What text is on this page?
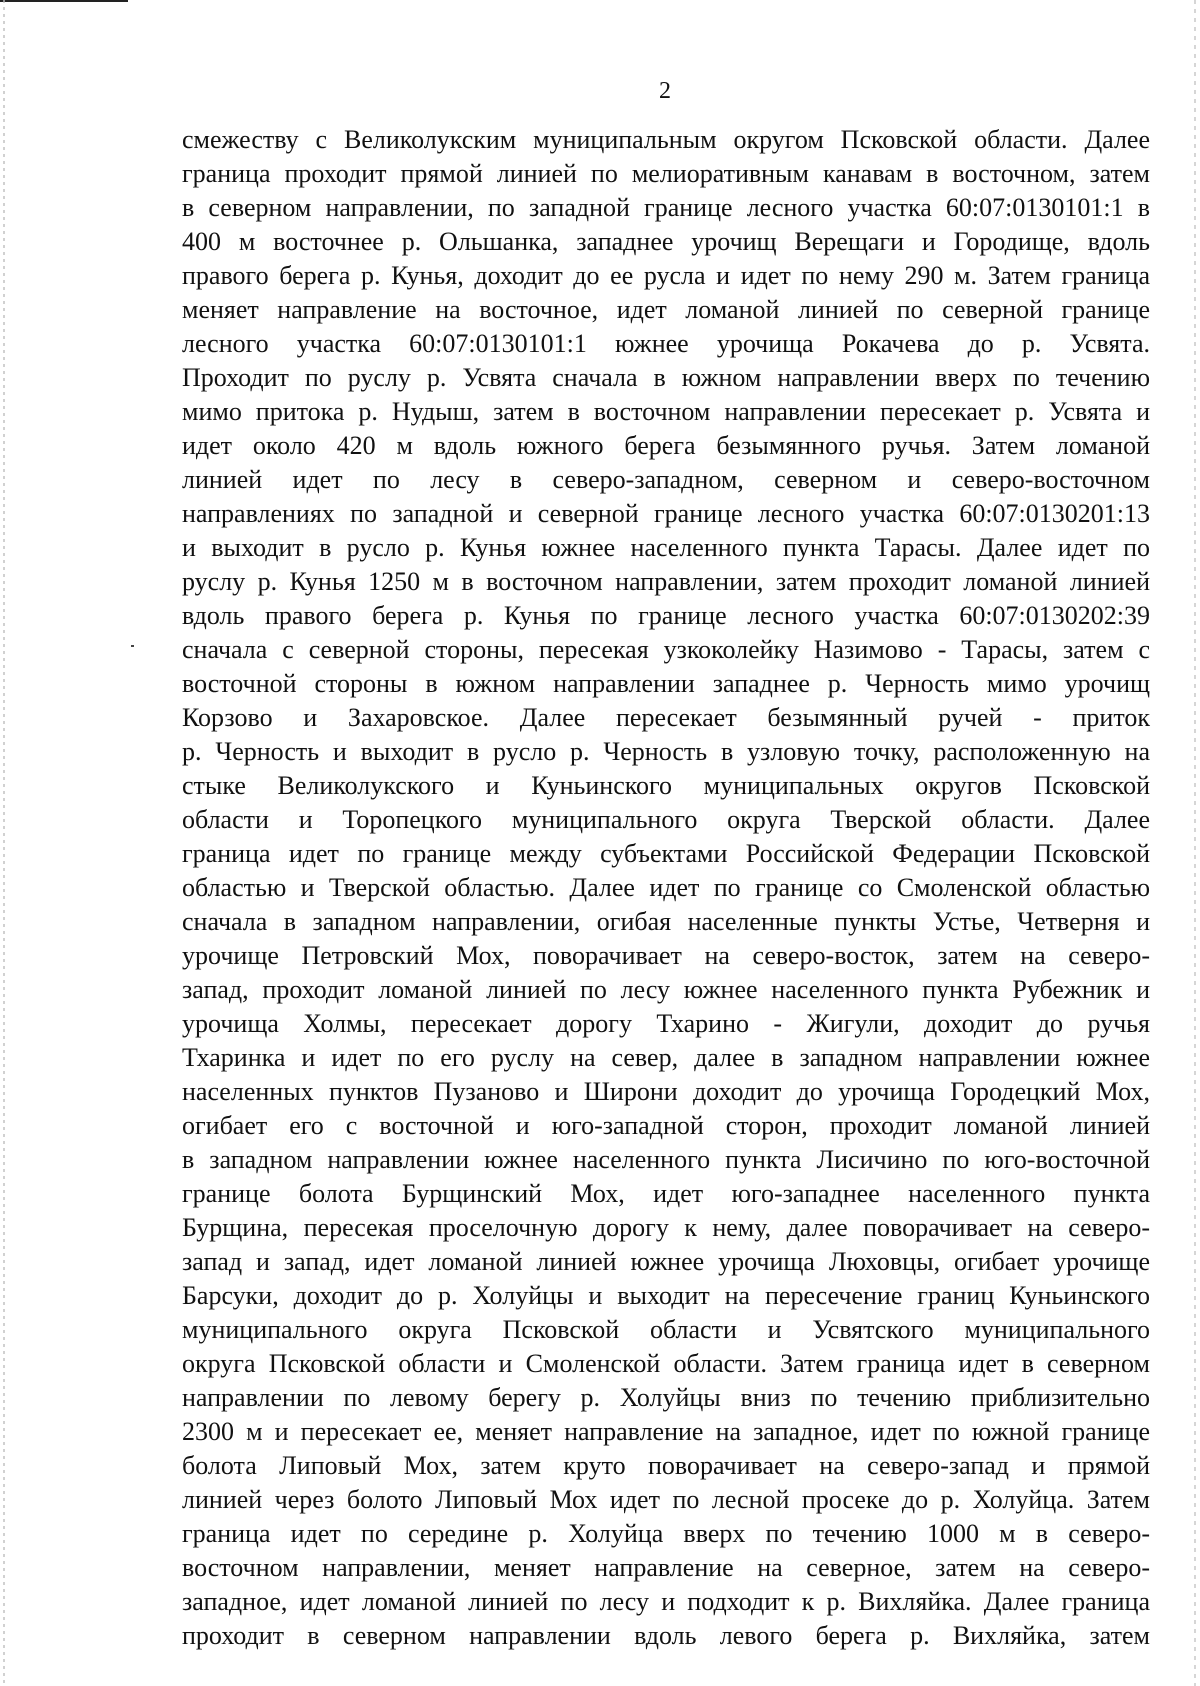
2
смежеству с Великолукским муниципальным округом Псковской области. Далее
граница проходит прямой линией по мелиоративным канавам в восточном, затем
в северном направлении, по западной границе лесного участка 60:07:0130101:1 в
400 м восточнее р. Ольшанка, западнее урочищ Верещаги и Городище, вдоль
правого берега р. Кунья, доходит до ее русла и идет по нему 290 м. Затем граница
меняет направление на восточное, идет ломаной линией по северной границе
лесного участка 60:07:0130101:1 южнее урочища Рокачева до р. Усвята.
Проходит по руслу р. Усвята сначала в южном направлении вверх по течению
мимо притока р. Нудыш, затем в восточном направлении пересекает р. Усвята и
идет около 420 м вдоль южного берега безымянного ручья. Затем ломаной
линией идет по лесу в северо-западном, северном и северо-восточном
направлениях по западной и северной границе лесного участка 60:07:0130201:13
и выходит в русло р. Кунья южнее населенного пункта Тарасы. Далее идет по
руслу р. Кунья 1250 м в восточном направлении, затем проходит ломаной линией
вдоль правого берега р. Кунья по границе лесного участка 60:07:0130202:39
сначала с северной стороны, пересекая узкоколейку Назимово - Тарасы, затем с
восточной стороны в южном направлении западнее р. Черность мимо урочищ
Корзово и Захаровское. Далее пересекает безымянный ручей - приток
р. Черность и выходит в русло р. Черность в узловую точку, расположенную на
стыке Великолукского и Куньинского муниципальных округов Псковской
области и Торопецкого муниципального округа Тверской области. Далее
граница идет по границе между субъектами Российской Федерации Псковской
областью и Тверской областью. Далее идет по границе со Смоленской областью
сначала в западном направлении, огибая населенные пункты Устье, Четверня и
урочище Петровский Мох, поворачивает на северо-восток, затем на северо-
запад, проходит ломаной линией по лесу южнее населенного пункта Рубежник и
урочища Холмы, пересекает дорогу Тхарино - Жигули, доходит до ручья
Тхаринка и идет по его руслу на север, далее в западном направлении южнее
населенных пунктов Пузаново и Широни доходит до урочища Городецкий Мох,
огибает его с восточной и юго-западной сторон, проходит ломаной линией
в западном направлении южнее населенного пункта Лисичино по юго-восточной
границе болота Бурщинский Мох, идет юго-западнее населенного пункта
Бурщина, пересекая проселочную дорогу к нему, далее поворачивает на северо-
запад и запад, идет ломаной линией южнее урочища Люховцы, огибает урочище
Барсуки, доходит до р. Холуйцы и выходит на пересечение границ Куньинского
муниципального округа Псковской области и Усвятского муниципального
округа Псковской области и Смоленской области. Затем граница идет в северном
направлении по левому берегу р. Холуйцы вниз по течению приблизительно
2300 м и пересекает ее, меняет направление на западное, идет по южной границе
болота Липовый Мох, затем круто поворачивает на северо-запад и прямой
линией через болото Липовый Мох идет по лесной просеке до р. Холуйца. Затем
граница идет по середине р. Холуйца вверх по течению 1000 м в северо-
восточном направлении, меняет направление на северное, затем на северо-
западное, идет ломаной линией по лесу и подходит к р. Вихляйка. Далее граница
проходит в северном направлении вдоль левого берега р. Вихляйка, затем
